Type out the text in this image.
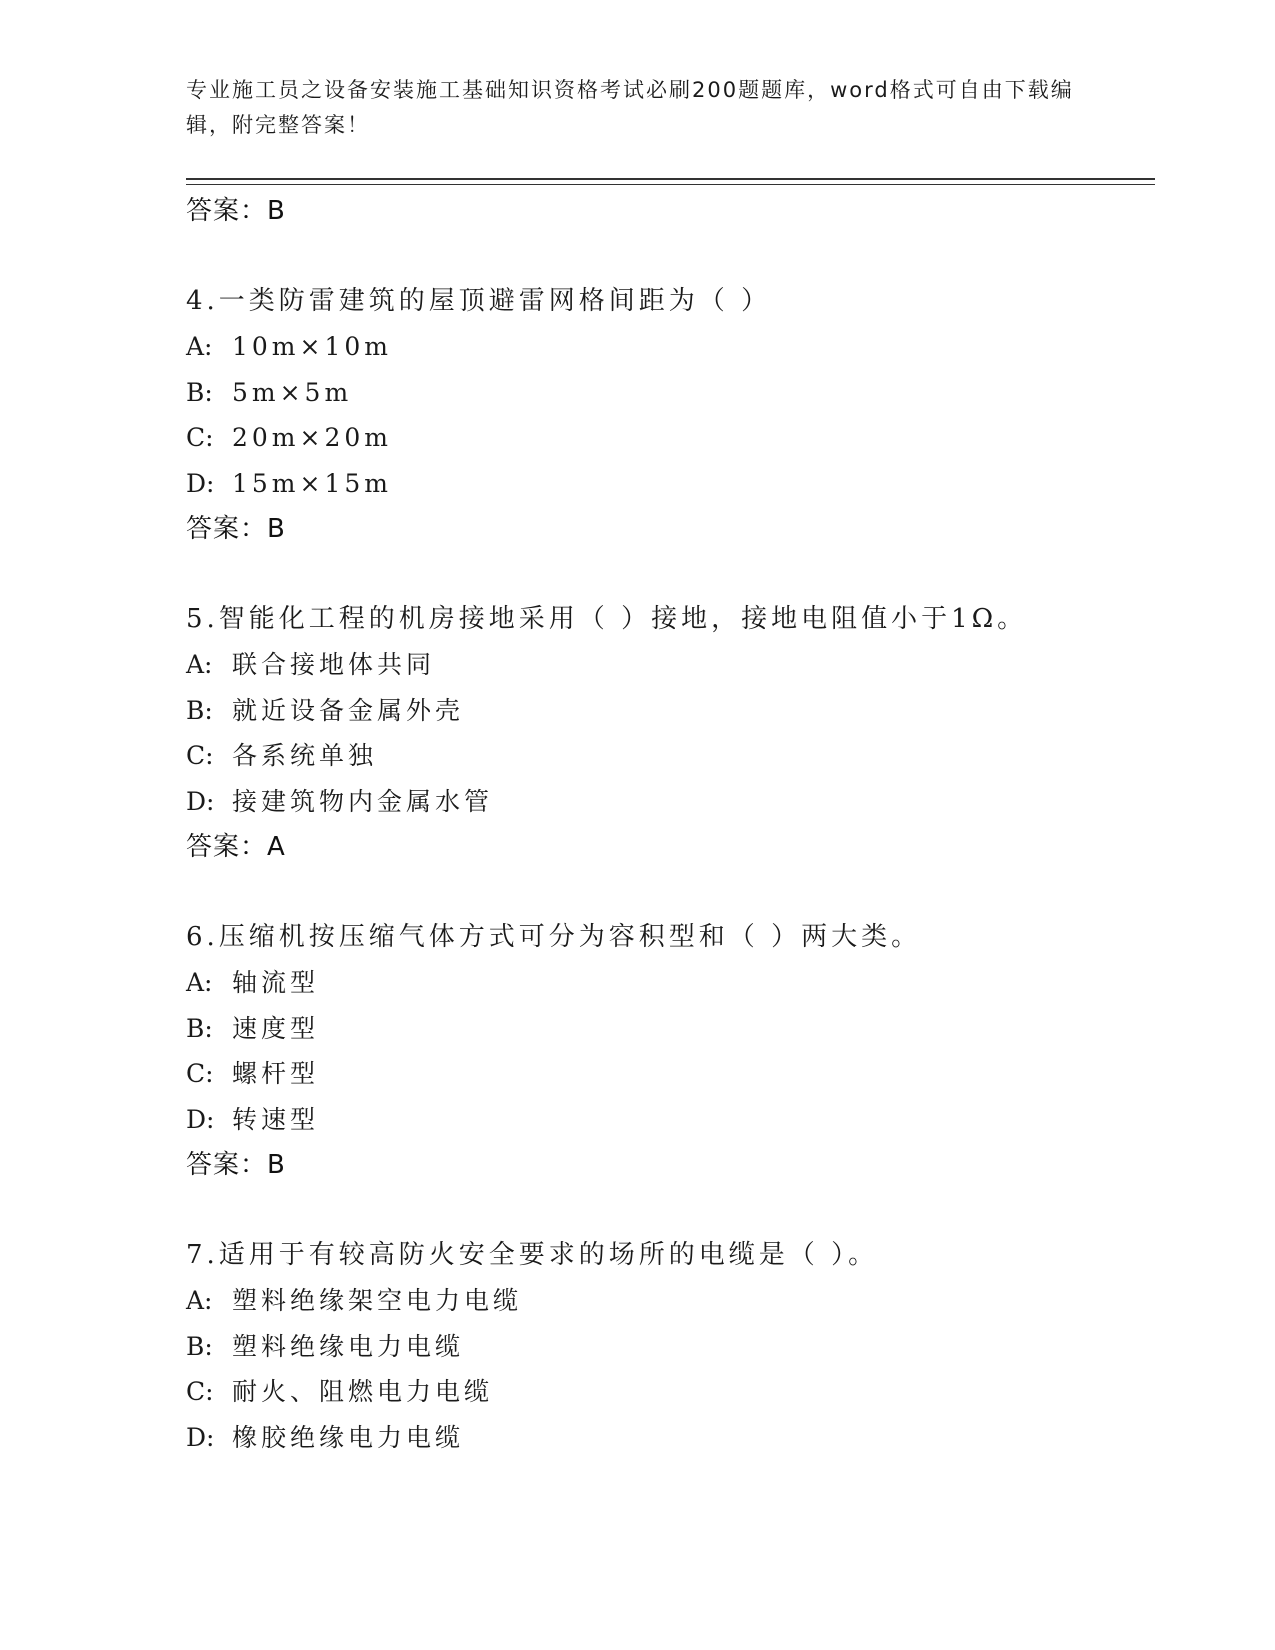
专业施工员之设备安装施工基础知识资格考试必刷200题题库，word格式可自由下载编辑，附完整答案！
答案：B
4.一类防雷建筑的屋顶避雷网格间距为（ ）
A: 10m×10m
B: 5m×5m
C: 20m×20m
D: 15m×15m
答案：B
5.智能化工程的机房接地采用（ ）接地，接地电阻值小于1Ω。
A: 联合接地体共同
B: 就近设备金属外壳
C: 各系统单独
D: 接建筑物内金属水管
答案：A
6.压缩机按压缩气体方式可分为容积型和（ ）两大类。
A: 轴流型
B: 速度型
C: 螺杆型
D: 转速型
答案：B
7.适用于有较高防火安全要求的场所的电缆是（ ）。
A: 塑料绝缘架空电力电缆
B: 塑料绝缘电力电缆
C: 耐火、阻燃电力电缆
D: 橡胶绝缘电力电缆
